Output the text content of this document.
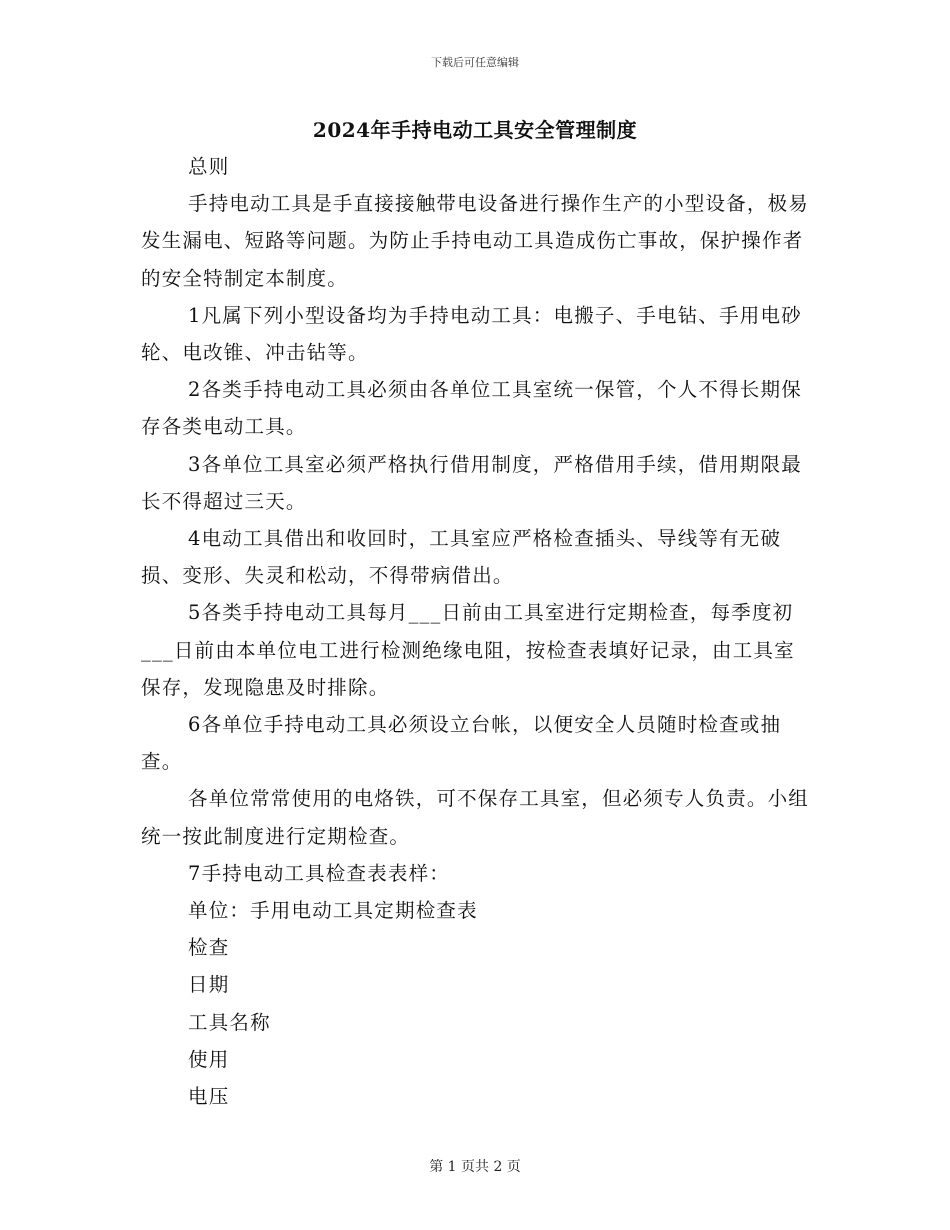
下载后可任意编辑
2024年手持电动工具安全管理制度

总则

手持电动工具是手直接接触带电设备进行操作生产的小型设备，极易发生漏电、短路等问题。为防止手持电动工具造成伤亡事故，保护操作者的安全特制定本制度。

1凡属下列小型设备均为手持电动工具：电搬子、手电钻、手用电砂轮、电改锥、冲击钻等。

2各类手持电动工具必须由各单位工具室统一保管，个人不得长期保存各类电动工具。

3各单位工具室必须严格执行借用制度，严格借用手续，借用期限最长不得超过三天。

4电动工具借出和收回时，工具室应严格检查插头、导线等有无破损、变形、失灵和松动，不得带病借出。

5各类手持电动工具每月___日前由工具室进行定期检查，每季度初___日前由本单位电工进行检测绝缘电阻，按检查表填好记录，由工具室保存，发现隐患及时排除。

6各单位手持电动工具必须设立台帐，以便安全人员随时检查或抽查。

各单位常常使用的电烙铁，可不保存工具室，但必须专人负责。小组统一按此制度进行定期检查。

7手持电动工具检查表表样：

单位：手用电动工具定期检查表

检查

日期

工具名称

使用

电压

第 1 页共 2 页
